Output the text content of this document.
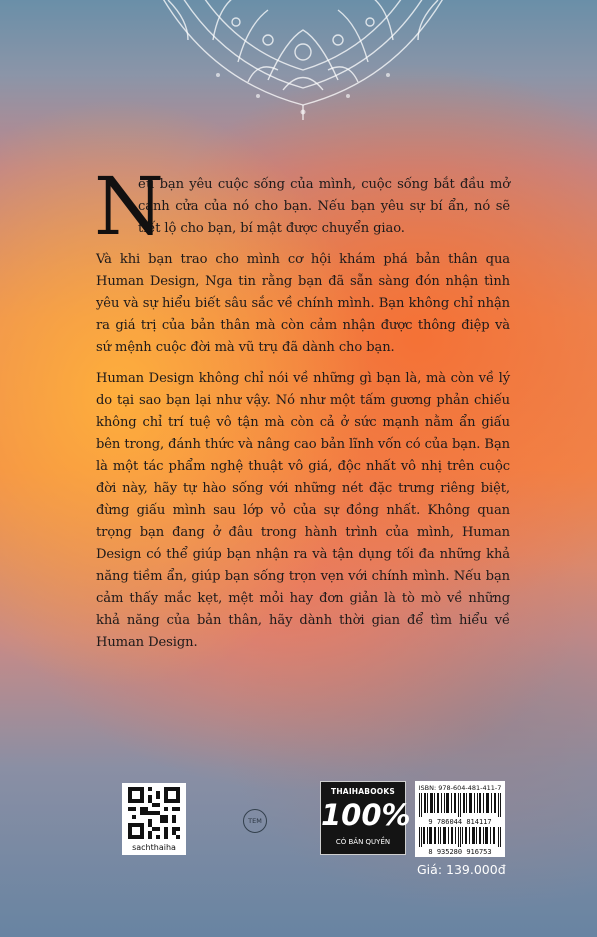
N
ếu bạn yêu cuộc sống của mình, cuộc sống bắt đầu mở cánh cửa của nó cho bạn. Nếu bạn yêu sự bí ẩn, nó sẽ tiết lộ cho bạn, bí mật được chuyển giao.

Và khi bạn trao cho mình cơ hội khám phá bản thân qua Human Design, Nga tin rằng bạn đã sẵn sàng đón nhận tình yêu và sự hiểu biết sâu sắc về chính mình. Bạn không chỉ nhận ra giá trị của bản thân mà còn cảm nhận được thông điệp và sứ mệnh cuộc đời mà vũ trụ đã dành cho bạn.

Human Design không chỉ nói về những gì bạn là, mà còn về lý do tại sao bạn lại như vậy. Nó như một tấm gương phản chiếu không chỉ trí tuệ vô tận mà còn cả ở sức mạnh nằm ẩn giấu bên trong, đánh thức và nâng cao bản lĩnh vốn có của bạn. Bạn là một tác phẩm nghệ thuật vô giá, độc nhất vô nhị trên cuộc đời này, hãy tự hào sống với những nét đặc trưng riêng biệt, đừng giấu mình sau lớp vỏ của sự đồng nhất. Không quan trọng bạn đang ở đâu trong hành trình của mình, Human Design có thể giúp bạn nhận ra và tận dụng tối đa những khả năng tiềm ẩn, giúp bạn sống trọn vẹn với chính mình. Nếu bạn cảm thấy mắc kẹt, mệt mỏi hay đơn giản là tò mò về những khả năng của bản thân, hãy dành thời gian để tìm hiểu về Human Design.

sachthaiha
TEM
THAIHABOOKS
100%
CÓ BẢN QUYỀN
ISBN: 978-604-481-411-7
9 786044 814117
8 935280 916753
Giá: 139.000đ
